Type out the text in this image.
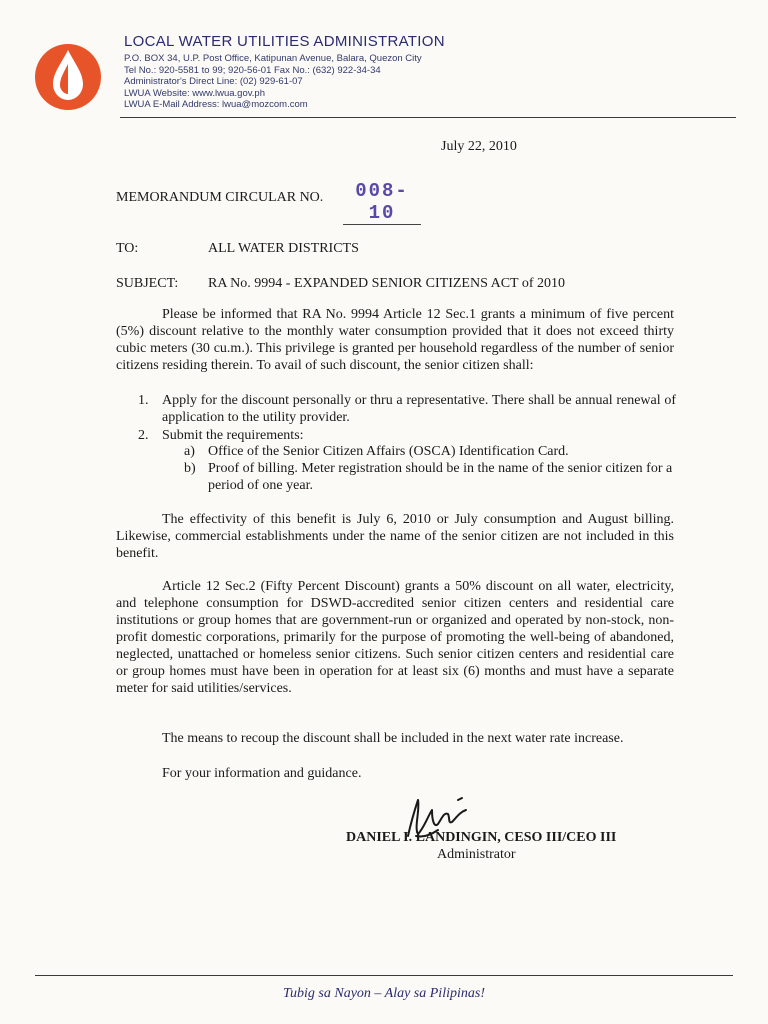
LOCAL WATER UTILITIES ADMINISTRATION
P.O. BOX 34, U.P. Post Office, Katipunan Avenue, Balara, Quezon City
Tel No.: 920-5581 to 99; 920-56-01 Fax No.: (632) 922-34-34
Administrator's Direct Line: (02) 929-61-07
LWUA Website: www.lwua.gov.ph
LWUA E-Mail Address: lwua@mozcom.com
July 22, 2010
MEMORANDUM CIRCULAR NO.	008-10
TO:	ALL WATER DISTRICTS
SUBJECT: RA No. 9994 - EXPANDED SENIOR CITIZENS ACT of 2010

Please be informed that RA No. 9994 Article 12 Sec.1 grants a minimum of five percent (5%) discount relative to the monthly water consumption provided that it does not exceed thirty cubic meters (30 cu.m.). This privilege is granted per household regardless of the number of senior citizens residing therein. To avail of such discount, the senior citizen shall:

1. Apply for the discount personally or thru a representative. There shall be annual renewal of application to the utility provider.
2. Submit the requirements:
a) Office of the Senior Citizen Affairs (OSCA) Identification Card.
b) Proof of billing. Meter registration should be in the name of the senior citizen for a period of one year.

The effectivity of this benefit is July 6, 2010 or July consumption and August billing. Likewise, commercial establishments under the name of the senior citizen are not included in this benefit.

Article 12 Sec.2 (Fifty Percent Discount) grants a 50% discount on all water, electricity, and telephone consumption for DSWD-accredited senior citizen centers and residential care institutions or group homes that are government-run or organized and operated by non-stock, non-profit domestic corporations, primarily for the purpose of promoting the well-being of abandoned, neglected, unattached or homeless senior citizens. Such senior citizen centers and residential care or group homes must have been in operation for at least six (6) months and must have a separate meter for said utilities/services.

The means to recoup the discount shall be included in the next water rate increase.

For your information and guidance.

DANIEL I. LANDINGIN, CESO III/CEO III
Administrator
Tubig sa Nayon – Alay sa Pilipinas!
